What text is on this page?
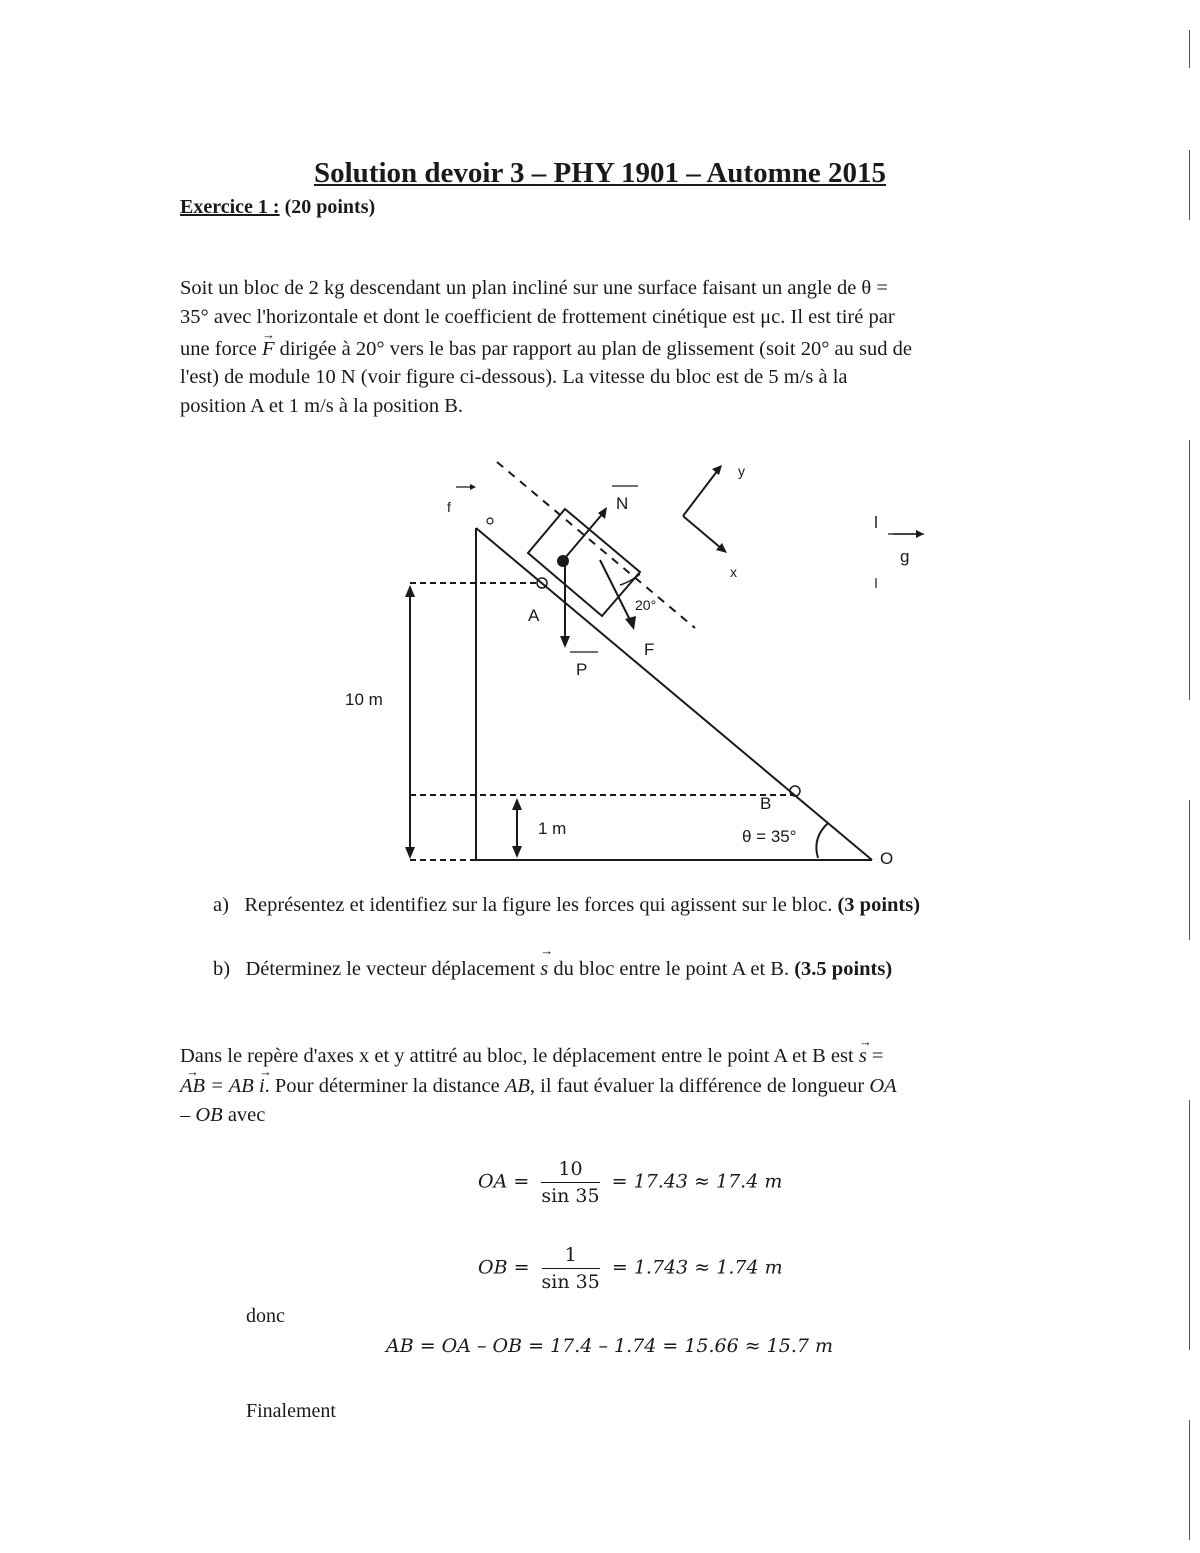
Solution devoir 3 – PHY 1901 – Automne 2015
Exercice 1 : (20 points)
Soit un bloc de 2 kg descendant un plan incliné sur une surface faisant un angle de θ =
35° avec l'horizontale et dont le coefficient de frottement cinétique est μc. Il est tiré par
une force → F dirigée à 20° vers le bas par rapport au plan de glissement (soit 20° au sud de
l'est) de module 10 N (voir figure ci-dessous). La vitesse du bloc est de 5 m/s à la
position A et 1 m/s à la position B.
f	N
y
x
g
A
20°
P
F
10 m
B
1 m	θ = 35°
O
a) Représentez et identifiez sur la figure les forces qui agissent sur le bloc. (3 points)
b) Déterminez le vecteur déplacement → s du bloc entre le point A et B. (3.5 points)
Dans le repère d'axes x et y attitré au bloc, le déplacement entre le point A et B est → s =
→ AB = AB → i. Pour déterminer la distance AB, il faut évaluer la différence de longueur OA
– OB avec
OA = $\frac{10}{\sin 35} = 17.43 \approx 17.4$ m
OB = $\frac{1}{\sin 35} = 1.743 \approx 1.74$ m
donc
AB = OA – OB = 17.4 – 1.74 = 15.66 ≈ 15.7 m
Finalement
